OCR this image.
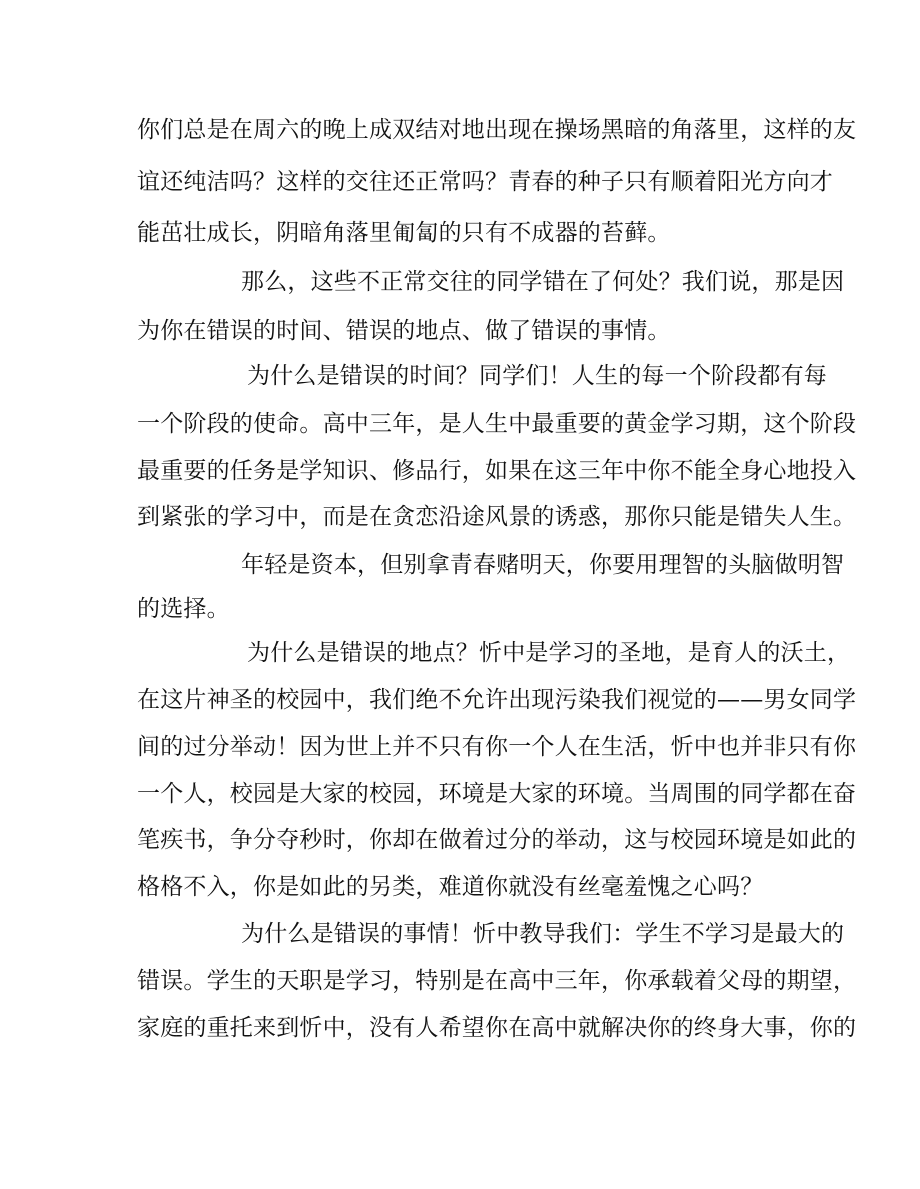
你们总是在周六的晚上成双结对地出现在操场黑暗的角落里，这样的友
谊还纯洁吗？这样的交往还正常吗？青春的种子只有顺着阳光方向才
能茁壮成长，阴暗角落里匍匐的只有不成器的苔藓。
那么，这些不正常交往的同学错在了何处？我们说，那是因
为你在错误的时间、错误的地点、做了错误的事情。
为什么是错误的时间？同学们！人生的每一个阶段都有每
一个阶段的使命。高中三年，是人生中最重要的黄金学习期，这个阶段
最重要的任务是学知识、修品行，如果在这三年中你不能全身心地投入
到紧张的学习中，而是在贪恋沿途风景的诱惑，那你只能是错失人生。
年轻是资本，但别拿青春赌明天，你要用理智的头脑做明智
的选择。
为什么是错误的地点？忻中是学习的圣地，是育人的沃土，
在这片神圣的校园中，我们绝不允许出现污染我们视觉的——男女同学
间的过分举动！因为世上并不只有你一个人在生活，忻中也并非只有你
一个人，校园是大家的校园，环境是大家的环境。当周围的同学都在奋
笔疾书，争分夺秒时，你却在做着过分的举动，这与校园环境是如此的
格格不入，你是如此的另类，难道你就没有丝毫羞愧之心吗？
为什么是错误的事情！忻中教导我们：学生不学习是最大的
错误。学生的天职是学习，特别是在高中三年，你承载着父母的期望，
家庭的重托来到忻中，没有人希望你在高中就解决你的终身大事，你的
